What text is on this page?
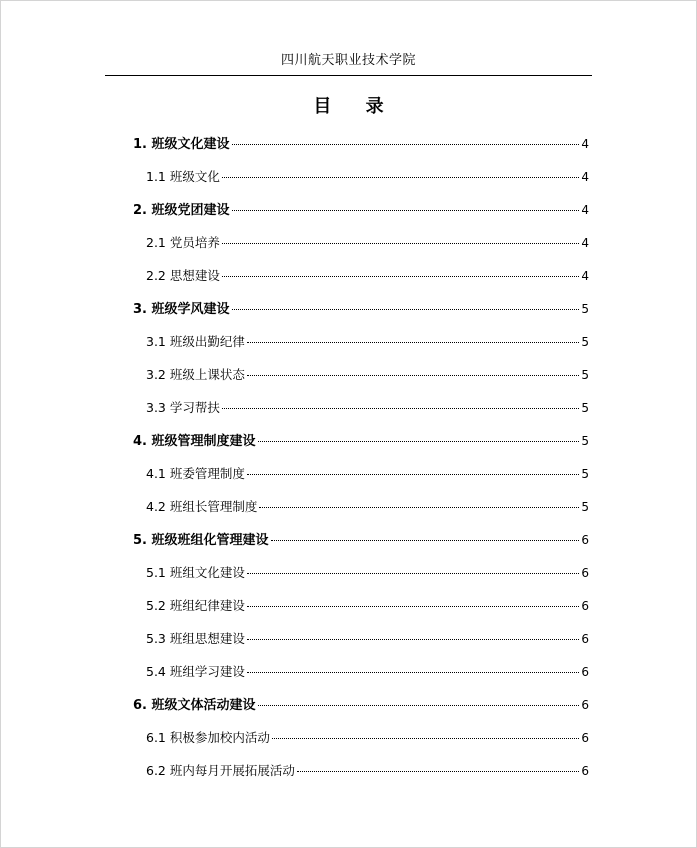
四川航天职业技术学院
目 录
1. 班级文化建设	4
1.1 班级文化	4
2. 班级党团建设	4
2.1 党员培养	4
2.2 思想建设	4
3. 班级学风建设	5
3.1 班级出勤纪律	5
3.2 班级上课状态	5
3.3 学习帮扶	5
4. 班级管理制度建设	5
4.1 班委管理制度	5
4.2 班组长管理制度	5
5. 班级班组化管理建设	6
5.1 班组文化建设	6
5.2 班组纪律建设	6
5.3 班组思想建设	6
5.4 班组学习建设	6
6. 班级文体活动建设	6
6.1 积极参加校内活动	6
6.2 班内每月开展拓展活动	6
